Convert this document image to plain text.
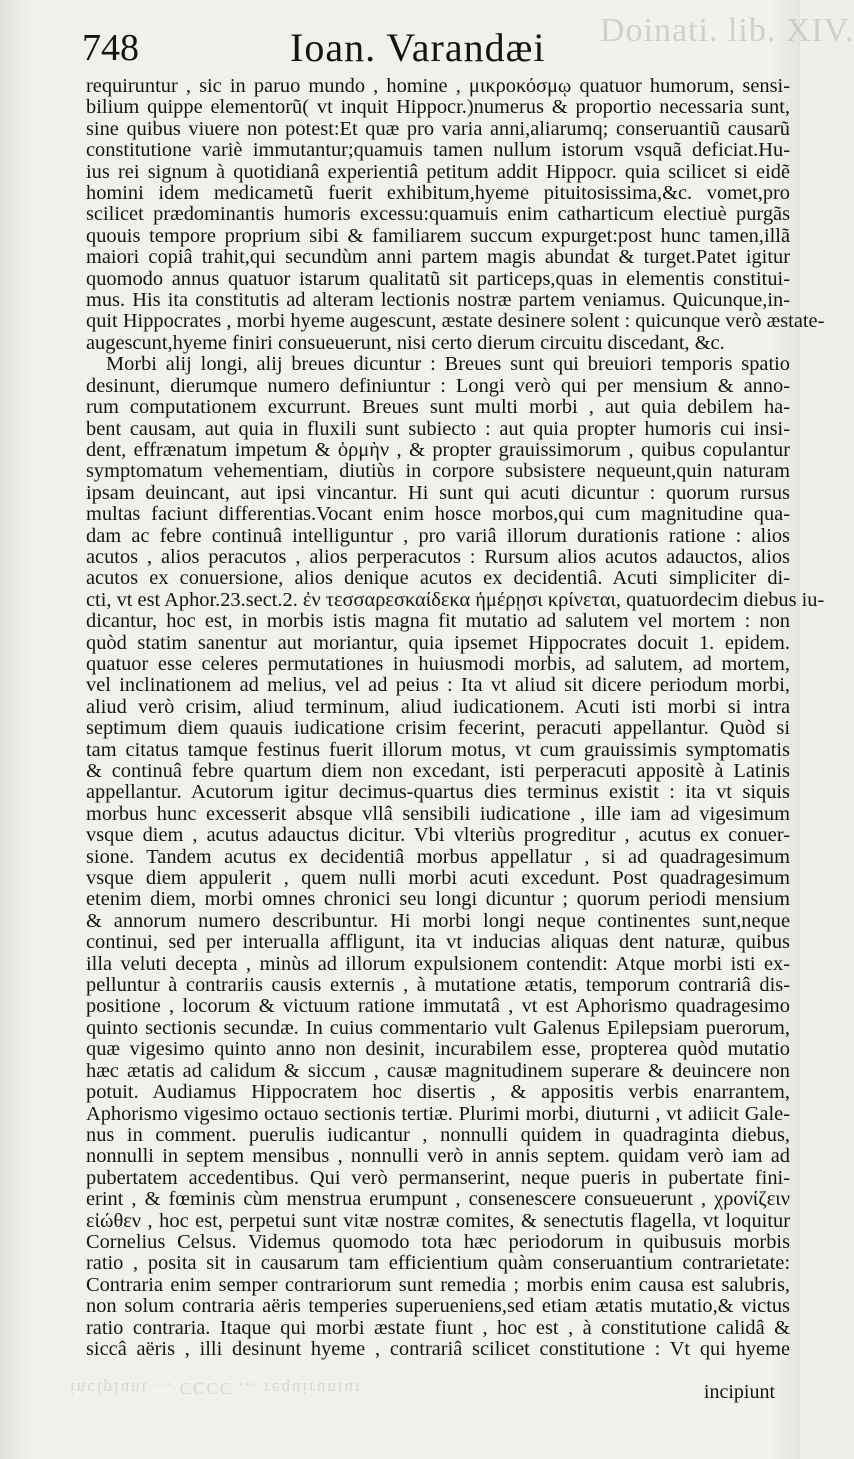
Doinati. lib. XIV.
748	Ioan. Varandæi
requiruntur , sic in paruo mundo , homine , μικροκόσμῳ quatuor humorum, sensi-
bilium quippe elementorũ( vt inquit Hippocr.)numerus & proportio necessaria sunt,
sine quibus viuere non potest:Et quæ pro varia anni,aliarumq; conseruantiũ causarũ
constitutione variè immutantur;quamuis tamen nullum istorum vsquã deficiat.Hu-
ius rei signum à quotidianâ experientiâ petitum addit Hippocr. quia scilicet si eidẽ
homini idem medicametũ fuerit exhibitum,hyeme pituitosissima,&c. vomet,pro
scilicet prædominantis humoris excessu:quamuis enim catharticum electiuè purgãs
quouis tempore proprium sibi & familiarem succum expurget:post hunc tamen,illã
maiori copiâ trahit,qui secundùm anni partem magis abundat & turget.Patet igitur
quomodo annus quatuor istarum qualitatũ sit particeps,quas in elementis constitui-
mus. His ita constitutis ad alteram lectionis nostræ partem veniamus. Quicunque,in-
quit Hippocrates , morbi hyeme augescunt, æstate desinere solent : quicunque verò æstate-
augescunt,hyeme finiri consueuerunt, nisi certo dierum circuitu discedant, &c.
Morbi alij longi, alij breues dicuntur : Breues sunt qui breuiori temporis spatio
desinunt, dierumque numero definiuntur : Longi verò qui per mensium & anno-
rum computationem excurrunt. Breues sunt multi morbi , aut quia debilem ha-
bent causam, aut quia in fluxili sunt subiecto : aut quia propter humoris cui insi-
dent, effrænatum impetum & ὁρμὴν , & propter grauissimorum , quibus copulantur
symptomatum vehementiam, diutiùs in corpore subsistere nequeunt,quin naturam
ipsam deuincant, aut ipsi vincantur. Hi sunt qui acuti dicuntur : quorum rursus
multas faciunt differentias.Vocant enim hosce morbos,qui cum magnitudine qua-
dam ac febre continuâ intelliguntur , pro variâ illorum durationis ratione : alios
acutos , alios peracutos , alios perperacutos : Rursum alios acutos adauctos, alios
acutos ex conuersione, alios denique acutos ex decidentiâ. Acuti simpliciter di-
cti, vt est Aphor.23.sect.2. ἐν τεσσαρεσκαίδεκα ἡμέρῃσι κρίνεται, quatuordecim diebus iu-
dicantur, hoc est, in morbis istis magna fit mutatio ad salutem vel mortem : non
quòd statim sanentur aut moriantur, quia ipsemet Hippocrates docuit 1. epidem.
quatuor esse celeres permutationes in huiusmodi morbis, ad salutem, ad mortem,
vel inclinationem ad melius, vel ad peius : Ita vt aliud sit dicere periodum morbi,
aliud verò crisim, aliud terminum, aliud iudicationem. Acuti isti morbi si intra
septimum diem quauis iudicatione crisim fecerint, peracuti appellantur. Quòd si
tam citatus tamque festinus fuerit illorum motus, vt cum grauissimis symptomatis
& continuâ febre quartum diem non excedant, isti perperacuti appositè à Latinis
appellantur. Acutorum igitur decimus-quartus dies terminus existit : ita vt siquis
morbus hunc excesserit absque vllâ sensibili iudicatione , ille iam ad vigesimum
vsque diem , acutus adauctus dicitur. Vbi vlteriùs progreditur , acutus ex conuer-
sione. Tandem acutus ex decidentiâ morbus appellatur , si ad quadragesimum
vsque diem appulerit , quem nulli morbi acuti excedunt. Post quadragesimum
etenim diem, morbi omnes chronici seu longi dicuntur ; quorum periodi mensium
& annorum numero describuntur. Hi morbi longi neque continentes sunt,neque
continui, sed per interualla affligunt, ita vt inducias aliquas dent naturæ, quibus
illa veluti decepta , minùs ad illorum expulsionem contendit: Atque morbi isti ex-
pelluntur à contrariis causis externis , à mutatione ætatis, temporum contrariâ dis-
positione , locorum & victuum ratione immutatâ , vt est Aphorismo quadragesimo
quinto sectionis secundæ. In cuius commentario vult Galenus Epilepsiam puerorum,
quæ vigesimo quinto anno non desinit, incurabilem esse, propterea quòd mutatio
hæc ætatis ad calidum & siccum , causæ magnitudinem superare & deuincere non
potuit. Audiamus Hippocratem hoc disertis , & appositis verbis enarrantem,
Aphorismo vigesimo octauo sectionis tertiæ. Plurimi morbi, diuturni , vt adiicit Gale-
nus in comment. puerulis iudicantur , nonnulli quidem in quadraginta diebus,
nonnulli in septem mensibus , nonnulli verò in annis septem. quidam verò iam ad
pubertatem accedentibus. Qui verò permanserint, neque pueris in pubertate fini-
erint , & fœminis cùm menstrua erumpunt , consenescere consueuerunt , χρονίζειν
εἰώθεν , hoc est, perpetui sunt vitæ nostræ comites, & senectutis flagella, vt loquitur
Cornelius Celsus. Videmus quomodo tota hæc periodorum in quibusuis morbis
ratio , posita sit in causarum tam efficientium quàm conseruantium contrarietate:
Contraria enim semper contrariorum sunt remedia ; morbis enim causa est salubris,
non solum contraria aëris temperies superueniens,sed etiam ætatis mutatio,& victus
ratio contraria. Itaque qui morbi æstate fiunt , hoc est , à constitutione calidâ &
siccâ aëris , illi desinunt hyeme , contrariâ scilicet constitutione : Vt qui hyeme
incipiunt ... CCCC ... requiruntur	incipiunt
